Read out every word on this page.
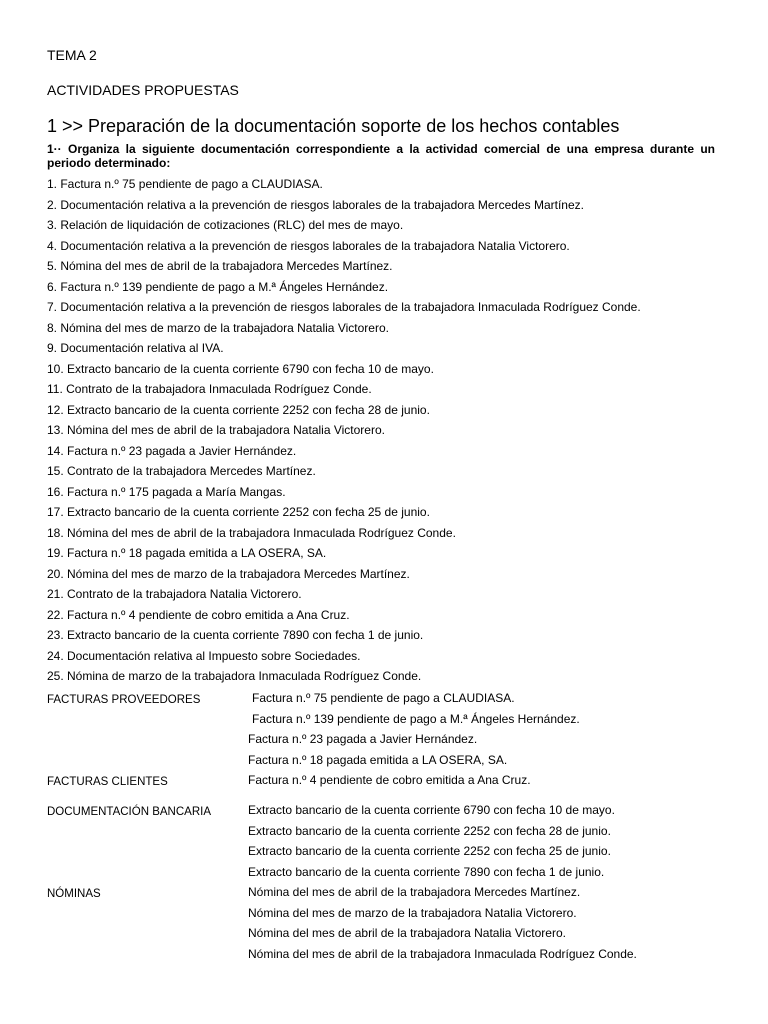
TEMA 2
ACTIVIDADES PROPUESTAS
1 >> Preparación de la documentación soporte de los hechos contables

1·· Organiza la siguiente documentación correspondiente a la actividad comercial de una empresa durante un periodo determinado:

1. Factura n.º 75 pendiente de pago a CLAUDIASA.
2. Documentación relativa a la prevención de riesgos laborales de la trabajadora Mercedes Martínez.
3. Relación de liquidación de cotizaciones (RLC) del mes de mayo.
4. Documentación relativa a la prevención de riesgos laborales de la trabajadora Natalia Victorero.
5. Nómina del mes de abril de la trabajadora Mercedes Martínez.
6. Factura n.º 139 pendiente de pago a M.ª Ángeles Hernández.
7. Documentación relativa a la prevención de riesgos laborales de la trabajadora Inmaculada Rodríguez Conde.
8. Nómina del mes de marzo de la trabajadora Natalia Victorero.
9. Documentación relativa al IVA.
10. Extracto bancario de la cuenta corriente 6790 con fecha 10 de mayo.
11. Contrato de la trabajadora Inmaculada Rodríguez Conde.
12. Extracto bancario de la cuenta corriente 2252 con fecha 28 de junio.
13. Nómina del mes de abril de la trabajadora Natalia Victorero.
14. Factura n.º 23 pagada a Javier Hernández.
15. Contrato de la trabajadora Mercedes Martínez.
16. Factura n.º 175 pagada a María Mangas.
17. Extracto bancario de la cuenta corriente 2252 con fecha 25 de junio.
18. Nómina del mes de abril de la trabajadora Inmaculada Rodríguez Conde.
19. Factura n.º 18 pagada emitida a LA OSERA, SA.
20. Nómina del mes de marzo de la trabajadora Mercedes Martínez.
21. Contrato de la trabajadora Natalia Victorero.
22. Factura n.º 4 pendiente de cobro emitida a Ana Cruz.
23. Extracto bancario de la cuenta corriente 7890 con fecha 1 de junio.
24. Documentación relativa al Impuesto sobre Sociedades.
25. Nómina de marzo de la trabajadora Inmaculada Rodríguez Conde.
FACTURAS PROVEEDORES	Factura n.º 75 pendiente de pago a CLAUDIASA.
Factura n.º 139 pendiente de pago a M.ª Ángeles Hernández.
Factura n.º 23 pagada a Javier Hernández.
Factura n.º 18 pagada emitida a LA OSERA, SA.
FACTURAS CLIENTES	Factura n.º 4 pendiente de cobro emitida a Ana Cruz.
DOCUMENTACIÓN BANCARIA	Extracto bancario de la cuenta corriente 6790 con fecha 10 de mayo.
Extracto bancario de la cuenta corriente 2252 con fecha 28 de junio.
Extracto bancario de la cuenta corriente 2252 con fecha 25 de junio.
Extracto bancario de la cuenta corriente 7890 con fecha 1 de junio.
NÓMINAS	Nómina del mes de abril de la trabajadora Mercedes Martínez.
Nómina del mes de marzo de la trabajadora Natalia Victorero.
Nómina del mes de abril de la trabajadora Natalia Victorero.
Nómina del mes de abril de la trabajadora Inmaculada Rodríguez Conde.
